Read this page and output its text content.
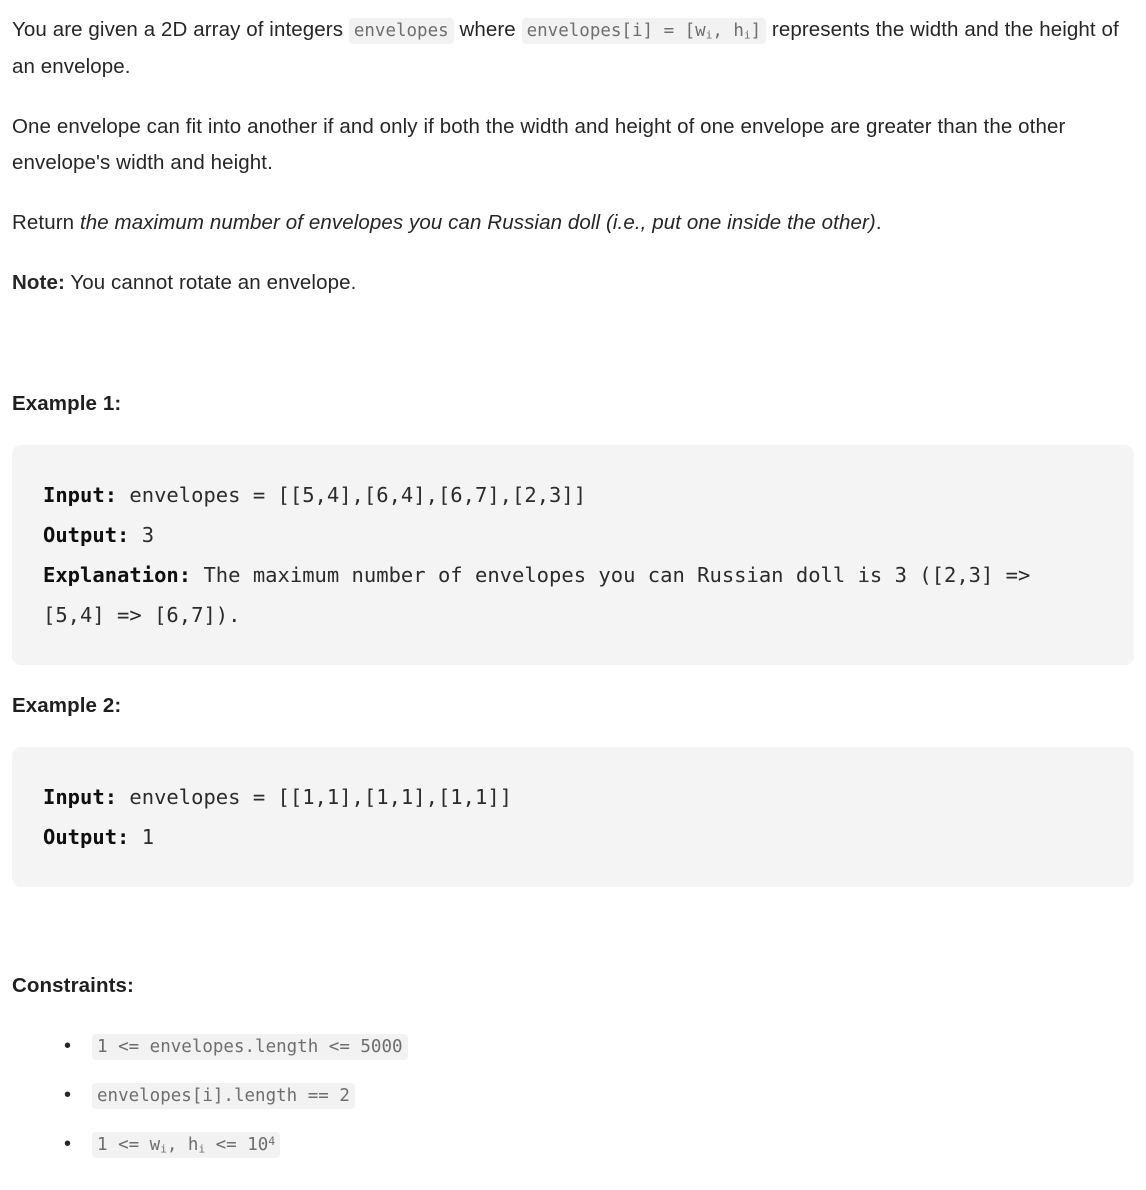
You are given a 2D array of integers envelopes where envelopes[i] = [$w_i$, $h_i$] represents the width and the height of an envelope.

One envelope can fit into another if and only if both the width and height of one envelope are greater than the other envelope's width and height.

Return the maximum number of envelopes you can Russian doll (i.e., put one inside the other).

Note: You cannot rotate an envelope.

Example 1:
Input: envelopes = [[5,4],[6,4],[6,7],[2,3]]
Output: 3
Explanation: The maximum number of envelopes you can Russian doll is 3 ([2,3] => [5,4] => [6,7]).
Example 2:
Input: envelopes = [[1,1],[1,1],[1,1]]
Output: 1
Constraints:
• 1 <= envelopes.length <= 5000
• envelopes[i].length == 2
• $1 <= w_i$, $h_i <= 10^4$
